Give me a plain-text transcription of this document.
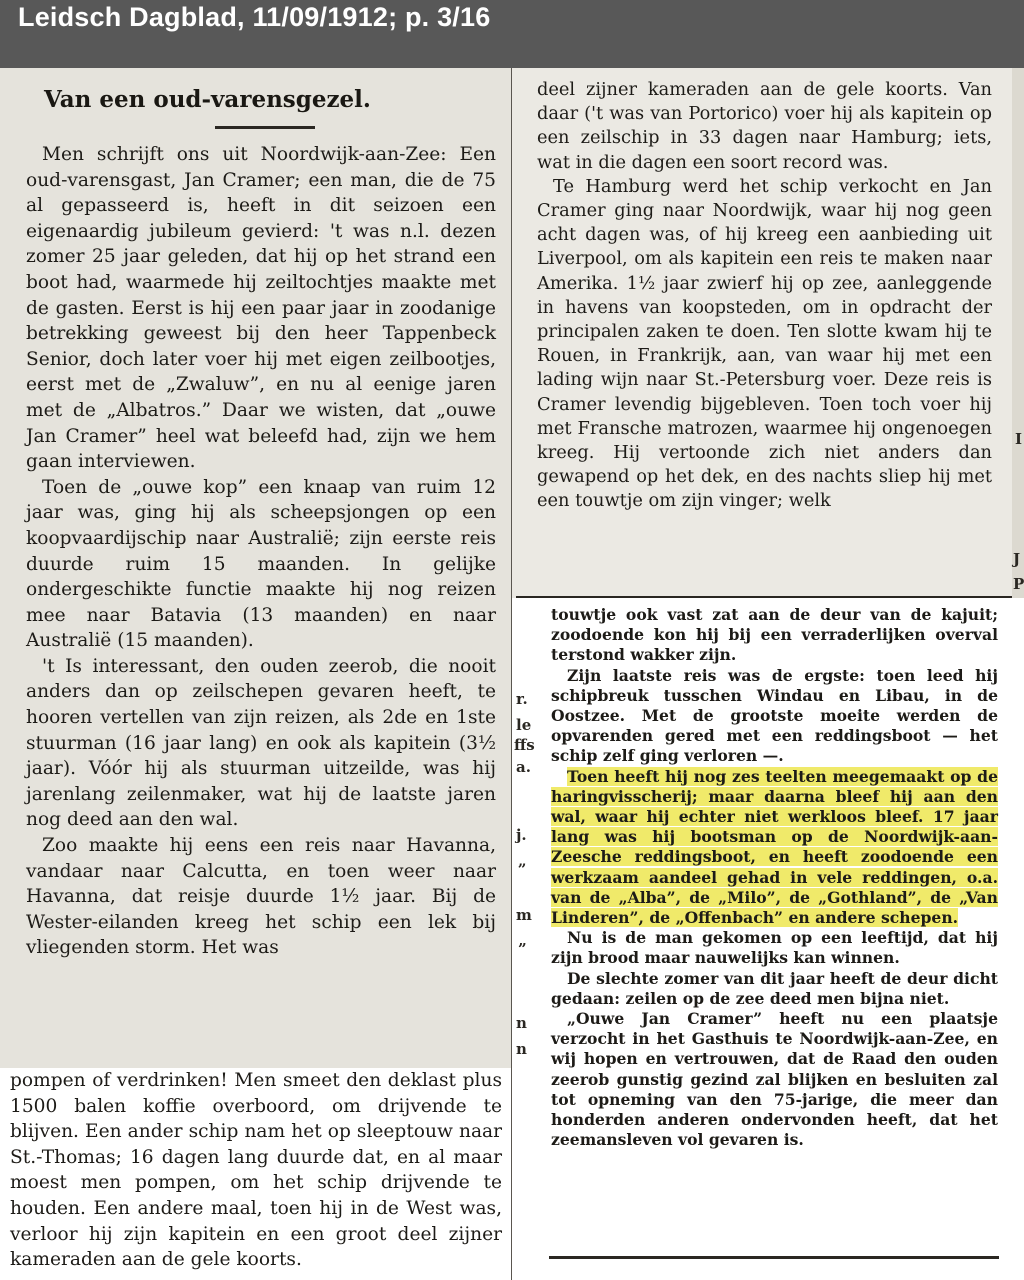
Leidsch Dagblad, 11/09/1912; p. 3/16
Van een oud-varensgezel.

Men schrijft ons uit Noordwijk-aan-Zee: Een oud-varensgast, Jan Cramer; een man, die de 75 al gepasseerd is, heeft in dit seizoen een eigenaardig jubileum gevierd: 't was n.l. dezen zomer 25 jaar geleden, dat hij op het strand een boot had, waarmede hij zeiltochtjes maakte met de gasten. Eerst is hij een paar jaar in zoodanige betrekking geweest bij den heer Tappenbeck Senior, doch later voer hij met eigen zeilbootjes, eerst met de „Zwaluw”, en nu al eenige jaren met de „Albatros.” Daar we wisten, dat „ouwe Jan Cramer” heel wat beleefd had, zijn we hem gaan interviewen.

Toen de „ouwe kop” een knaap van ruim 12 jaar was, ging hij als scheepsjongen op een koopvaardijschip naar Australië; zijn eerste reis duurde ruim 15 maanden. In gelijke ondergeschikte functie maakte hij nog reizen mee naar Batavia (13 maanden) en naar Australië (15 maanden).

't Is interessant, den ouden zeerob, die nooit anders dan op zeilschepen gevaren heeft, te hooren vertellen van zijn reizen, als 2de en 1ste stuurman (16 jaar lang) en ook als kapitein (3½ jaar). Vóór hij als stuurman uitzeilde, was hij jarenlang zeilenmaker, wat hij de laatste jaren nog deed aan den wal.

Zoo maakte hij eens een reis naar Havanna, vandaar naar Calcutta, en toen weer naar Havanna, dat reisje duurde 1½ jaar. Bij de Wester-eilanden kreeg het schip een lek bij vliegenden storm. Het was

pompen of verdrinken! Men smeet den deklast plus 1500 balen koffie overboord, om drijvende te blijven. Een ander schip nam het op sleeptouw naar St.-Thomas; 16 dagen lang duurde dat, en al maar moest men pompen, om het schip drijvende te houden. Een andere maal, toen hij in de West was, verloor hij zijn kapitein en een groot deel zijner kameraden aan de gele koorts.

deel zijner kameraden aan de gele koorts. Van daar ('t was van Portorico) voer hij als kapitein op een zeilschip in 33 dagen naar Hamburg; iets, wat in die dagen een soort record was.

Te Hamburg werd het schip verkocht en Jan Cramer ging naar Noordwijk, waar hij nog geen acht dagen was, of hij kreeg een aanbieding uit Liverpool, om als kapitein een reis te maken naar Amerika. 1½ jaar zwierf hij op zee, aanleggende in havens van koopsteden, om in opdracht der principalen zaken te doen. Ten slotte kwam hij te Rouen, in Frankrijk, aan, van waar hij met een lading wijn naar St.-Petersburg voer. Deze reis is Cramer levendig bijgebleven. Toen toch voer hij met Fransche matrozen, waarmee hij ongenoegen kreeg. Hij vertoonde zich niet anders dan gewapend op het dek, en des nachts sliep hij met een touwtje om zijn vinger; welk

touwtje ook vast zat aan de deur van de kajuit; zoodoende kon hij bij een verraderlijken overval terstond wakker zijn.

Zijn laatste reis was de ergste: toen leed hij schipbreuk tusschen Windau en Libau, in de Oostzee. Met de grootste moeite werden de opvarenden gered met een reddingsboot — het schip zelf ging verloren —.

Toen heeft hij nog zes teelten meegemaakt op de haringvisscherij; maar daarna bleef hij aan den wal, waar hij echter niet werkloos bleef. 17 jaar lang was hij bootsman op de Noordwijk-aan-Zeesche reddingsboot, en heeft zoodoende een werkzaam aandeel gehad in vele reddingen, o.a. van de „Alba”, de „Milo”, de „Gothland”, de „Van Linderen”, de „Offenbach” en andere schepen.

Nu is de man gekomen op een leeftijd, dat hij zijn brood maar nauwelijks kan winnen.

De slechte zomer van dit jaar heeft de deur dicht gedaan: zeilen op de zee deed men bijna niet.

„Ouwe Jan Cramer” heeft nu een plaatsje verzocht in het Gasthuis te Noordwijk-aan-Zee, en wij hopen en vertrouwen, dat de Raad den ouden zeerob gunstig gezind zal blijken en besluiten zal tot opneming van den 75-jarige, die meer dan honderden anderen ondervonden heeft, dat het zeemansleven vol gevaren is.

r.
le
ffs
a.
j.
„
m
”
n
n
J
P
I
